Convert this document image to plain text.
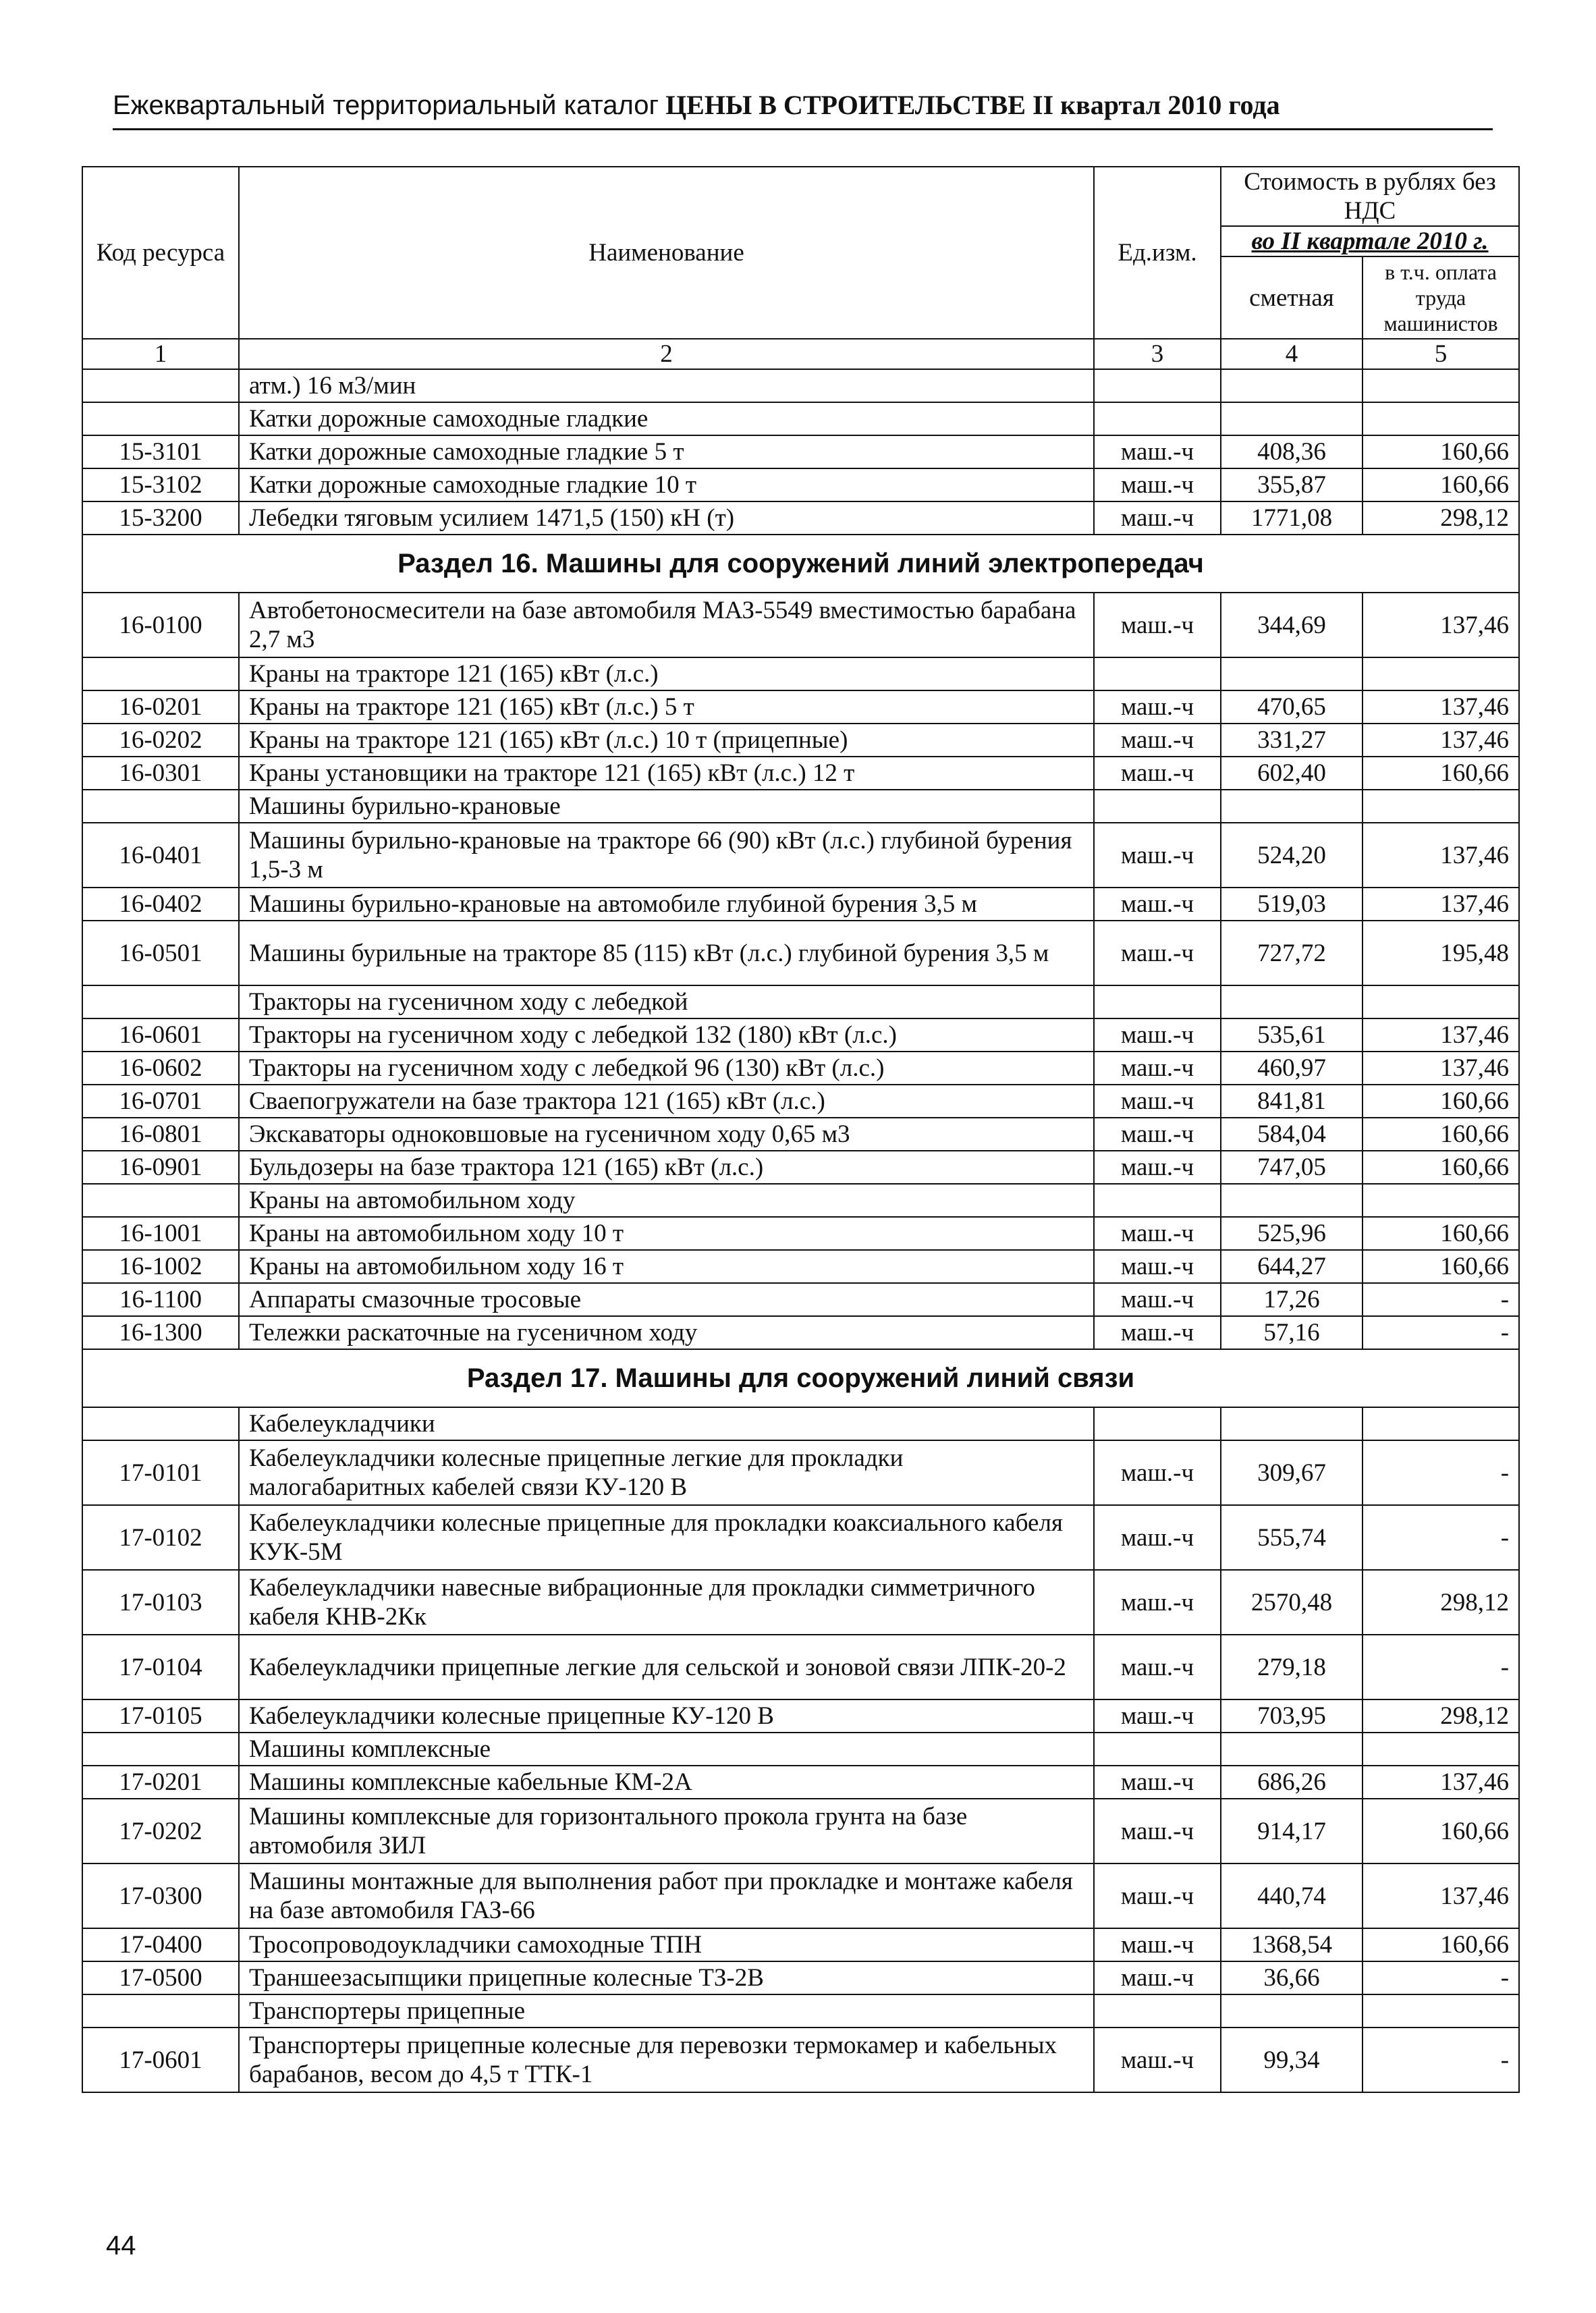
Ежеквартальный территориальный каталог ЦЕНЫ В СТРОИТЕЛЬСТВЕ II квартал 2010 года
Код ресурса	Наименование	Ед.изм.	Стоимость в рублях без НДС	
			во II квартале 2010 г.	
			сметная	в т.ч. оплата труда машинистов
1	2	3	4	5
	атм.) 16 м3/мин			
	Катки дорожные самоходные гладкие			
15-3101	Катки дорожные самоходные гладкие 5 т	маш.-ч	408,36	160,66
15-3102	Катки дорожные самоходные гладкие 10 т	маш.-ч	355,87	160,66
15-3200	Лебедки тяговым усилием 1471,5 (150) кН (т)	маш.-ч	1771,08	298,12
Раздел 16. Машины для сооружений линий электропередач				
16-0100	Автобетоносмесители на базе автомобиля МАЗ-5549 вместимостью барабана 2,7 м3	маш.-ч	344,69	137,46
	Краны на тракторе 121 (165) кВт (л.с.)			
16-0201	Краны на тракторе 121 (165) кВт (л.с.) 5 т	маш.-ч	470,65	137,46
16-0202	Краны на тракторе 121 (165) кВт (л.с.) 10 т (прицепные)	маш.-ч	331,27	137,46
16-0301	Краны установщики на тракторе 121 (165) кВт (л.с.) 12 т	маш.-ч	602,40	160,66
	Машины бурильно-крановые			
16-0401	Машины бурильно-крановые на тракторе 66 (90) кВт (л.с.) глубиной бурения 1,5-3 м	маш.-ч	524,20	137,46
16-0402	Машины бурильно-крановые на автомобиле глубиной бурения 3,5 м	маш.-ч	519,03	137,46
16-0501	Машины бурильные на тракторе 85 (115) кВт (л.с.) глубиной бурения 3,5 м	маш.-ч	727,72	195,48
	Тракторы на гусеничном ходу с лебедкой			
16-0601	Тракторы на гусеничном ходу с лебедкой 132 (180) кВт (л.с.)	маш.-ч	535,61	137,46
16-0602	Тракторы на гусеничном ходу с лебедкой 96 (130) кВт (л.с.)	маш.-ч	460,97	137,46
16-0701	Сваепогружатели на базе трактора 121 (165) кВт (л.с.)	маш.-ч	841,81	160,66
16-0801	Экскаваторы одноковшовые на гусеничном ходу 0,65 м3	маш.-ч	584,04	160,66
16-0901	Бульдозеры на базе трактора 121 (165) кВт (л.с.)	маш.-ч	747,05	160,66
	Краны на автомобильном ходу			
16-1001	Краны на автомобильном ходу 10 т	маш.-ч	525,96	160,66
16-1002	Краны на автомобильном ходу 16 т	маш.-ч	644,27	160,66
16-1100	Аппараты смазочные тросовые	маш.-ч	17,26	-
16-1300	Тележки раскаточные на гусеничном ходу	маш.-ч	57,16	-
Раздел 17. Машины для сооружений линий связи				
	Кабелеукладчики			
17-0101	Кабелеукладчики колесные прицепные легкие для прокладки малогабаритных кабелей связи КУ-120 В	маш.-ч	309,67	-
17-0102	Кабелеукладчики колесные прицепные для прокладки коаксиального кабеля КУК-5М	маш.-ч	555,74	-
17-0103	Кабелеукладчики навесные вибрационные для прокладки симметричного кабеля КНВ-2Кк	маш.-ч	2570,48	298,12
17-0104	Кабелеукладчики прицепные легкие для сельской и зоновой связи ЛПК-20-2	маш.-ч	279,18	-
17-0105	Кабелеукладчики колесные прицепные КУ-120 В	маш.-ч	703,95	298,12
	Машины комплексные			
17-0201	Машины комплексные кабельные КМ-2А	маш.-ч	686,26	137,46
17-0202	Машины комплексные для горизонтального прокола грунта на базе автомобиля ЗИЛ	маш.-ч	914,17	160,66
17-0300	Машины монтажные для выполнения работ при прокладке и монтаже кабеля на базе автомобиля ГАЗ-66	маш.-ч	440,74	137,46
17-0400	Тросопроводоукладчики самоходные ТПН	маш.-ч	1368,54	160,66
17-0500	Траншеезасыпщики прицепные колесные ТЗ-2В	маш.-ч	36,66	-
	Транспортеры прицепные			
17-0601	Транспортеры прицепные колесные для перевозки термокамер и кабельных барабанов, весом до 4,5 т ТТК-1	маш.-ч	99,34	-
44
